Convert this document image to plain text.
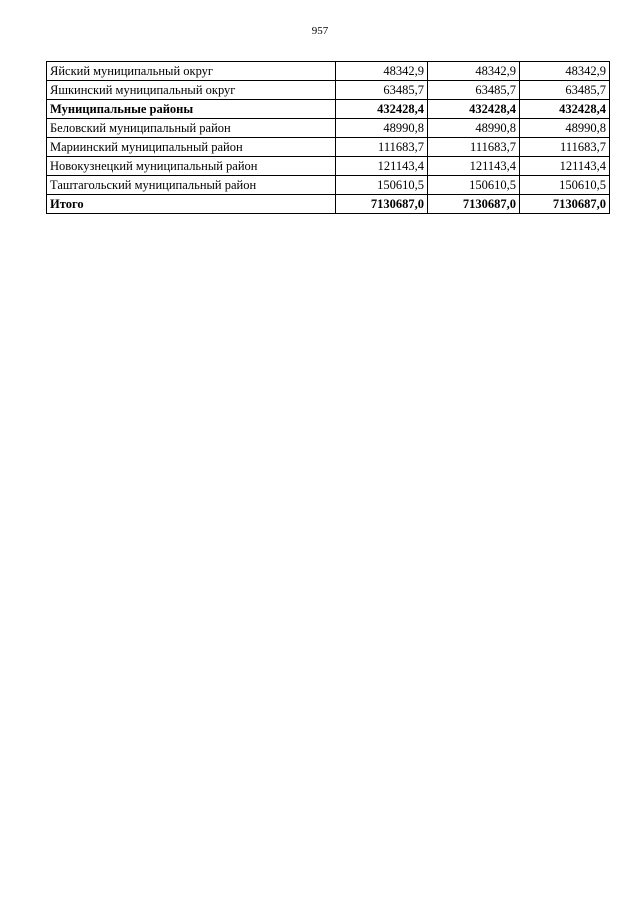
957
Яйский муниципальный округ	48342,9	48342,9	48342,9
Яшкинский муниципальный округ	63485,7	63485,7	63485,7
Муниципальные районы	432428,4	432428,4	432428,4
Беловский муниципальный район	48990,8	48990,8	48990,8
Мариинский муниципальный район	111683,7	111683,7	111683,7
Новокузнецкий муниципальный район	121143,4	121143,4	121143,4
Таштагольский муниципальный район	150610,5	150610,5	150610,5
Итого	7130687,0	7130687,0	7130687,0
